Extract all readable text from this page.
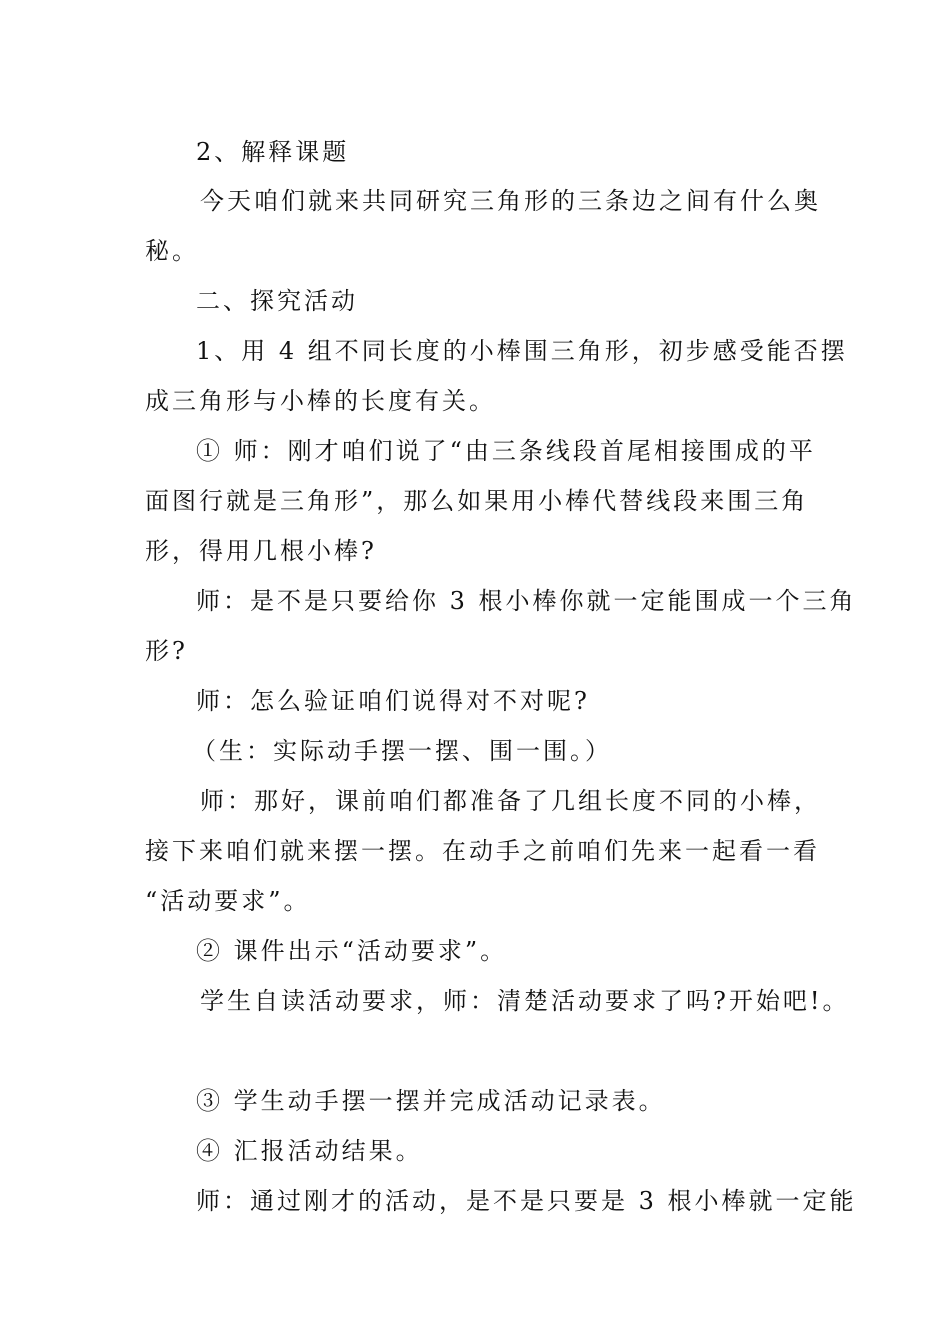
2、解释课题

今天咱们就来共同研究三角形的三条边之间有什么奥

秘。

二、探究活动

1、用 4 组不同长度的小棒围三角形，初步感受能否摆

成三角形与小棒的长度有关。

① 师：刚才咱们说了“由三条线段首尾相接围成的平

面图行就是三角形”，那么如果用小棒代替线段来围三角

形，得用几根小棒?

师：是不是只要给你 3 根小棒你就一定能围成一个三角

形?

师：怎么验证咱们说得对不对呢?

（生：实际动手摆一摆、围一围。）

师：那好，课前咱们都准备了几组长度不同的小棒，

接下来咱们就来摆一摆。在动手之前咱们先来一起看一看

“活动要求”。

② 课件出示“活动要求”。

学生自读活动要求，师：清楚活动要求了吗?开始吧!。

③ 学生动手摆一摆并完成活动记录表。

④ 汇报活动结果。

师：通过刚才的活动，是不是只要是 3 根小棒就一定能
